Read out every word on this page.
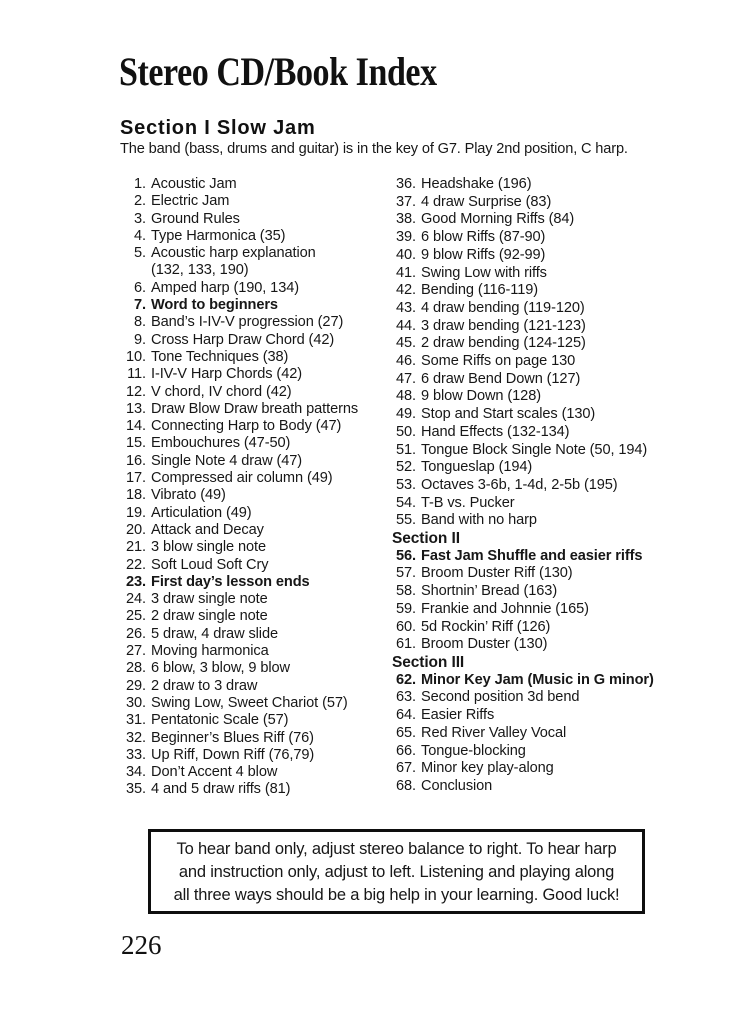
Stereo CD/Book Index
Section I Slow Jam

The band (bass, drums and guitar) is in the key of G7. Play 2nd position, C harp.

1. Acoustic Jam
2. Electric Jam
3. Ground Rules
4. Type Harmonica (35)
5. Acoustic harp explanation
(132, 133, 190)
6. Amped harp (190, 134)
7. Word to beginners
8. Band’s I-IV-V progression (27)
9. Cross Harp Draw Chord (42)
10. Tone Techniques (38)
11. I-IV-V Harp Chords (42)
12. V chord, IV chord (42)
13. Draw Blow Draw breath patterns
14. Connecting Harp to Body (47)
15. Embouchures (47-50)
16. Single Note 4 draw (47)
17. Compressed air column (49)
18. Vibrato (49)
19. Articulation (49)
20. Attack and Decay
21. 3 blow single note
22. Soft Loud Soft Cry
23. First day’s lesson ends
24. 3 draw single note
25. 2 draw single note
26. 5 draw, 4 draw slide
27. Moving harmonica
28. 6 blow, 3 blow, 9 blow
29. 2 draw to 3 draw
30. Swing Low, Sweet Chariot (57)
31. Pentatonic Scale (57)
32. Beginner’s Blues Riff (76)
33. Up Riff, Down Riff (76,79)
34. Don’t Accent 4 blow
35. 4 and 5 draw riffs (81)
36. Headshake (196)
37. 4 draw Surprise (83)
38. Good Morning Riffs (84)
39. 6 blow Riffs (87-90)
40. 9 blow Riffs (92-99)
41. Swing Low with riffs
42. Bending (116-119)
43. 4 draw bending (119-120)
44. 3 draw bending (121-123)
45. 2 draw bending (124-125)
46. Some Riffs on page 130
47. 6 draw Bend Down (127)
48. 9 blow Down (128)
49. Stop and Start scales (130)
50. Hand Effects (132-134)
51. Tongue Block Single Note (50, 194)
52. Tongueslap (194)
53. Octaves 3-6b, 1-4d, 2-5b (195)
54. T-B vs. Pucker
55. Band with no harp
Section II
56. Fast Jam Shuffle and easier riffs
57. Broom Duster Riff (130)
58. Shortnin’ Bread (163)
59. Frankie and Johnnie (165)
60. 5d Rockin’ Riff (126)
61. Broom Duster (130)
Section III
62. Minor Key Jam (Music in G minor)
63. Second position 3d bend
64. Easier Riffs
65. Red River Valley Vocal
66. Tongue-blocking
67. Minor key play-along
68. Conclusion
To hear band only, adjust stereo balance to right. To hear harp
and instruction only, adjust to left. Listening and playing along
all three ways should be a big help in your learning. Good luck!
226
